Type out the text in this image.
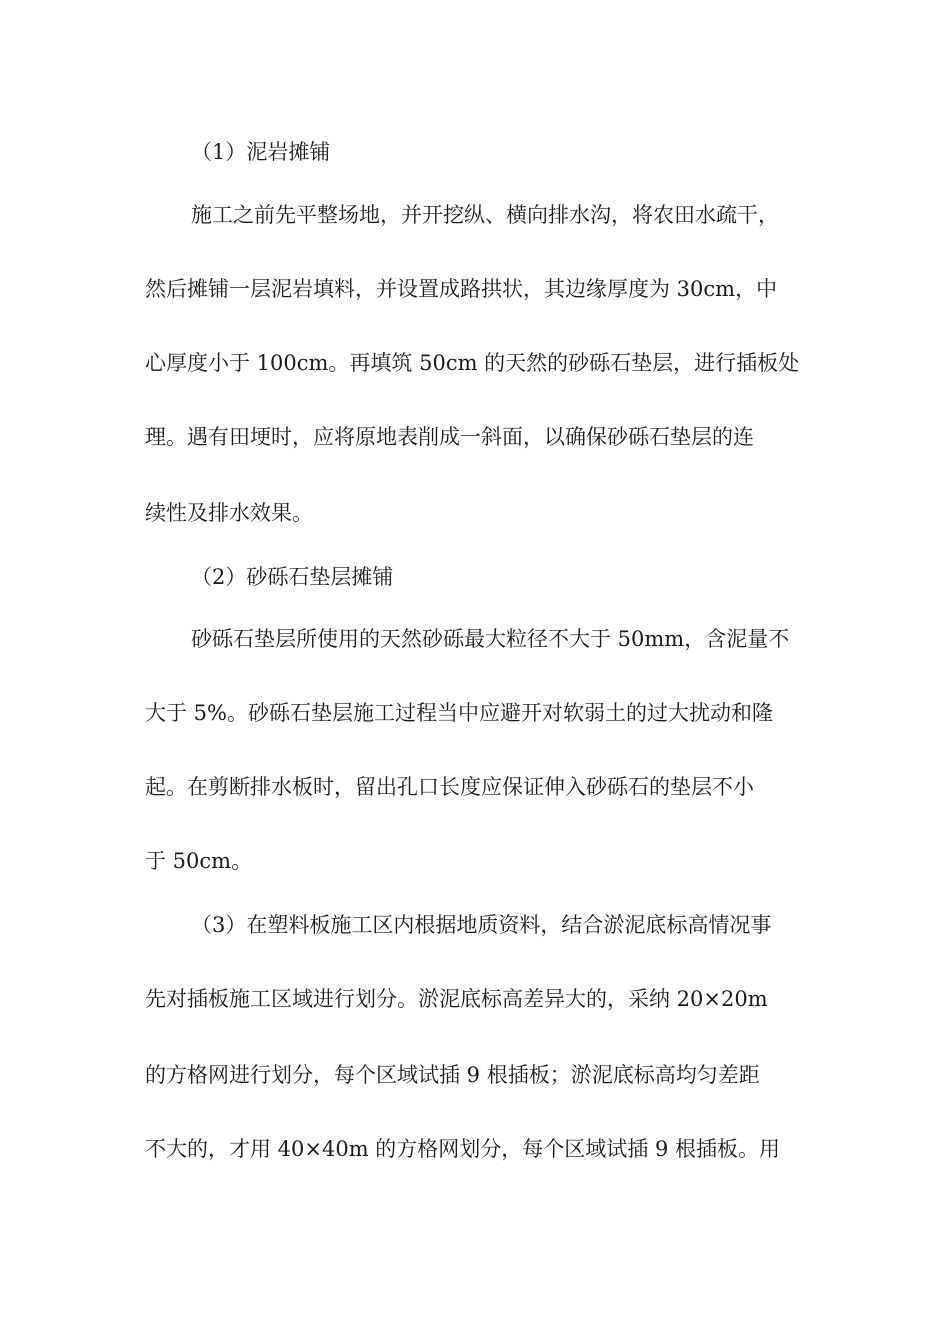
（1）泥岩摊铺
施工之前先平整场地，并开挖纵、横向排水沟，将农田水疏干，
然后摊铺一层泥岩填料，并设置成路拱状，其边缘厚度为 30cm，中
心厚度小于 100cm。再填筑 50cm 的天然的砂砾石垫层，进行插板处
理。遇有田埂时，应将原地表削成一斜面，以确保砂砾石垫层的连
续性及排水效果。
（2）砂砾石垫层摊铺
砂砾石垫层所使用的天然砂砾最大粒径不大于 50mm，含泥量不
大于 5%。砂砾石垫层施工过程当中应避开对软弱土的过大扰动和隆
起。在剪断排水板时，留出孔口长度应保证伸入砂砾石的垫层不小
于 50cm。
（3）在塑料板施工区内根据地质资料，结合淤泥底标高情况事
先对插板施工区域进行划分。淤泥底标高差异大的，采纳 20×20m
的方格网进行划分，每个区域试插 9 根插板；淤泥底标高均匀差距
不大的，才用 40×40m 的方格网划分，每个区域试插 9 根插板。用
